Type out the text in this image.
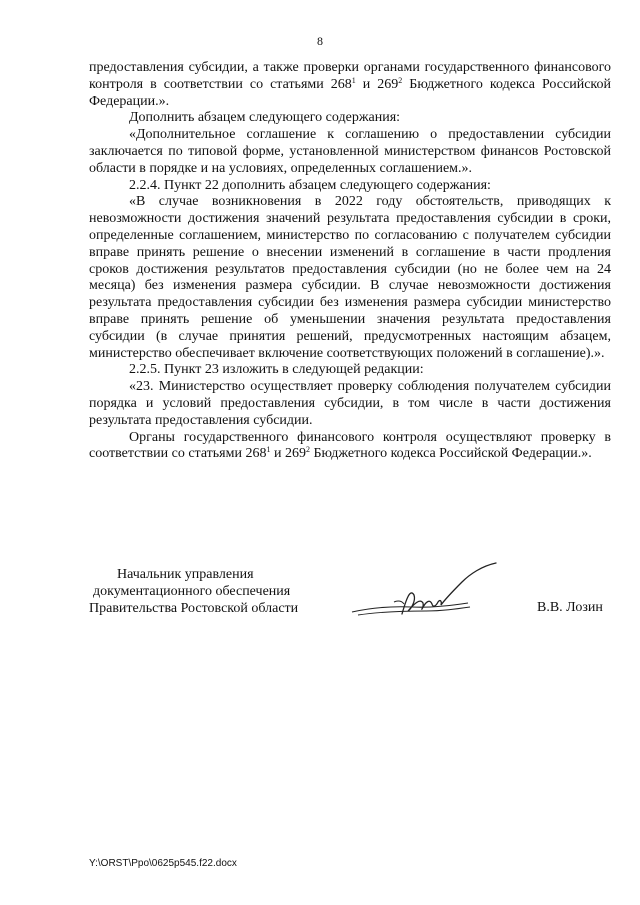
8

предоставления субсидии, а также проверки органами государственного финансового контроля в соответствии со статьями $268^1$ и $269^2$ Бюджетного кодекса Российской Федерации.».

Дополнить абзацем следующего содержания:

«Дополнительное соглашение к соглашению о предоставлении субсидии заключается по типовой форме, установленной министерством финансов Ростовской области в порядке и на условиях, определенных соглашением.».

2.2.4. Пункт 22 дополнить абзацем следующего содержания:

«В случае возникновения в 2022 году обстоятельств, приводящих к невозможности достижения значений результата предоставления субсидии в сроки, определенные соглашением, министерство по согласованию с получателем субсидии вправе принять решение о внесении изменений в соглашение в части продления сроков достижения результатов предоставления субсидии (но не более чем на 24 месяца) без изменения размера субсидии. В случае невозможности достижения результата предоставления субсидии без изменения размера субсидии министерство вправе принять решение об уменьшении значения результата предоставления субсидии (в случае принятия решений, предусмотренных настоящим абзацем, министерство обеспечивает включение соответствующих положений в соглашение).».

2.2.5. Пункт 23 изложить в следующей редакции:

«23. Министерство осуществляет проверку соблюдения получателем субсидии порядка и условий предоставления субсидии, в том числе в части достижения результата предоставления субсидии.

Органы государственного финансового контроля осуществляют проверку в соответствии со статьями $268^1$ и $269^2$ Бюджетного кодекса Российской Федерации.».

Начальник управления
документационного обеспечения
Правительства Ростовской области	В.В. Лозин
Y:\ORST\Ppo\0625p545.f22.docx
